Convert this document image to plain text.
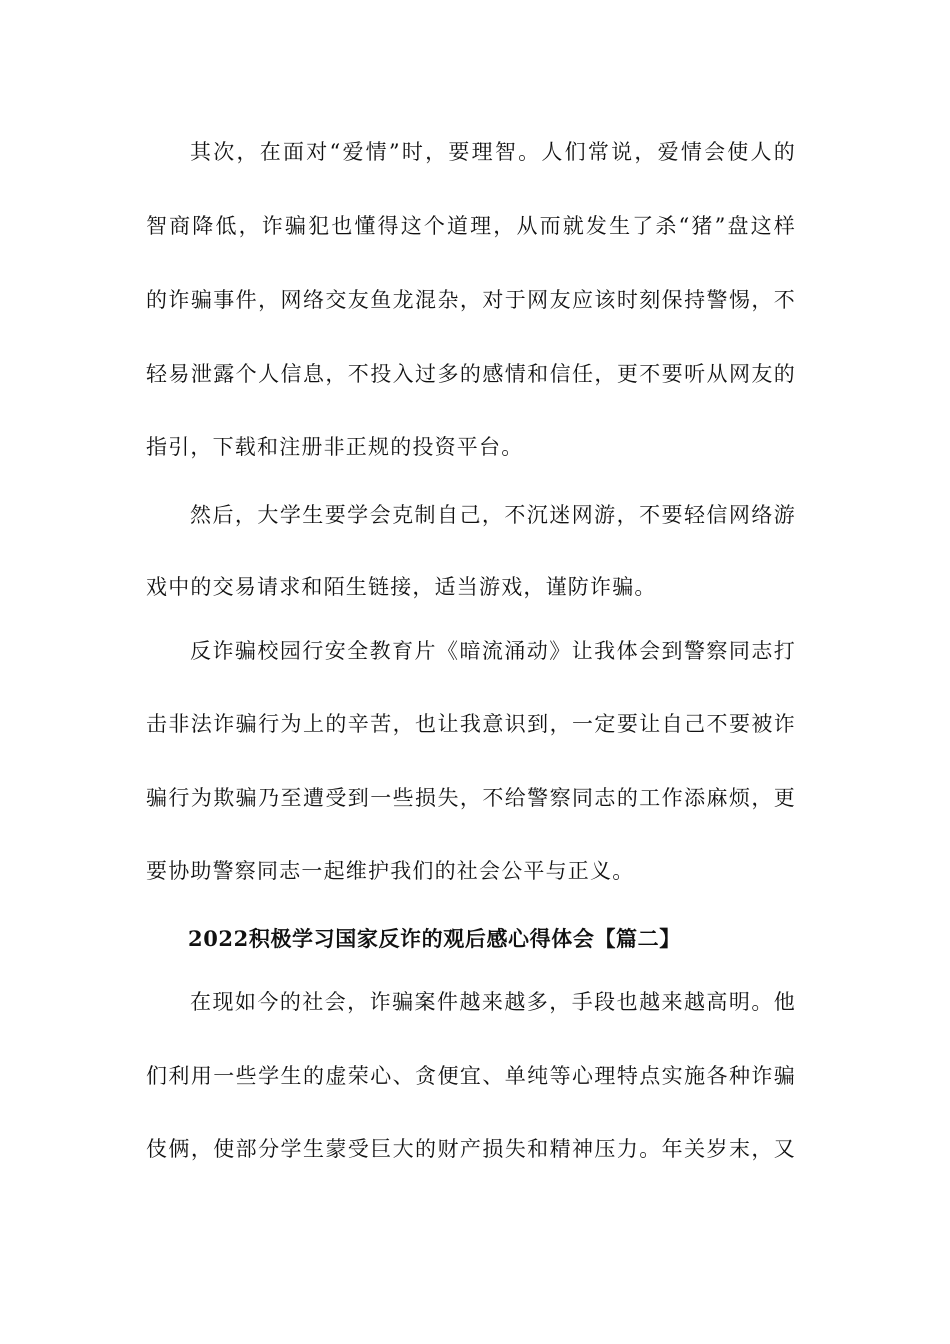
其次，在面对“爱情”时，要理智。人们常说，爱情会使人的
智商降低，诈骗犯也懂得这个道理，从而就发生了杀“猪”盘这样
的诈骗事件，网络交友鱼龙混杂，对于网友应该时刻保持警惕，不
轻易泄露个人信息，不投入过多的感情和信任，更不要听从网友的
指引，下载和注册非正规的投资平台。
然后，大学生要学会克制自己，不沉迷网游，不要轻信网络游
戏中的交易请求和陌生链接，适当游戏，谨防诈骗。
反诈骗校园行安全教育片《暗流涌动》让我体会到警察同志打
击非法诈骗行为上的辛苦，也让我意识到，一定要让自己不要被诈
骗行为欺骗乃至遭受到一些损失，不给警察同志的工作添麻烦，更
要协助警察同志一起维护我们的社会公平与正义。
2022积极学习国家反诈的观后感心得体会【篇二】
在现如今的社会，诈骗案件越来越多，手段也越来越高明。他
们利用一些学生的虚荣心、贪便宜、单纯等心理特点实施各种诈骗
伎俩，使部分学生蒙受巨大的财产损失和精神压力。年关岁末，又
